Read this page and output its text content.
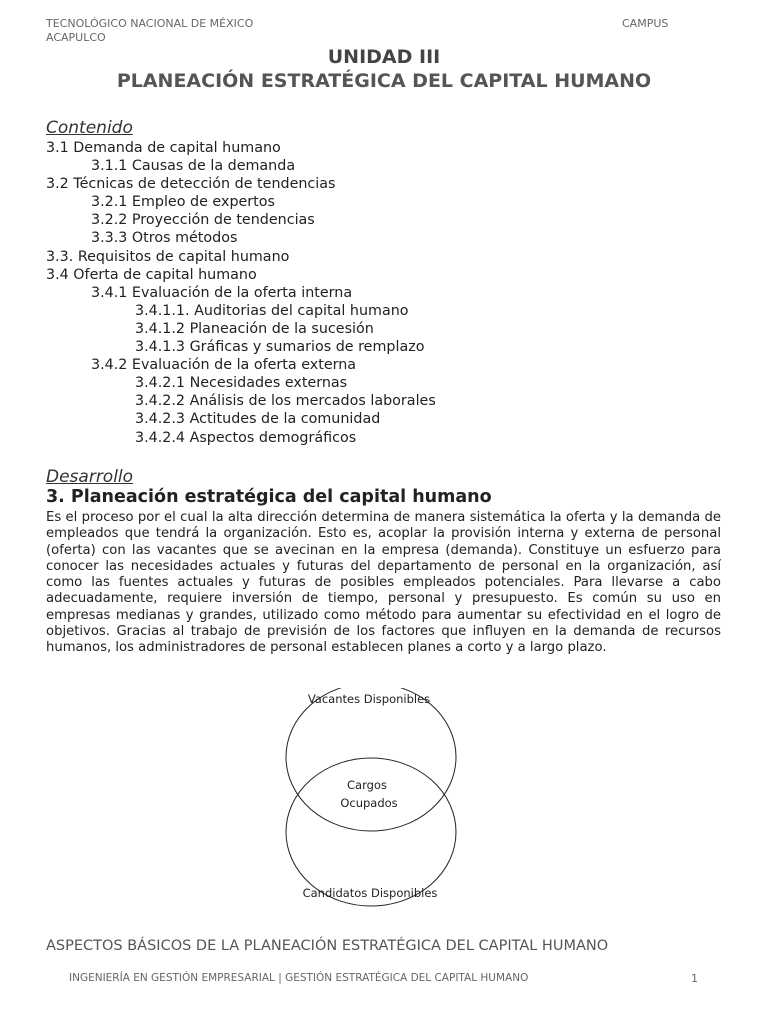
TECNOLÓGICO NACIONAL DE MÉXICO
ACAPULCO
CAMPUS
UNIDAD III
PLANEACIÓN ESTRATÉGICA DEL CAPITAL HUMANO
Contenido
3.1 Demanda de capital humano
3.1.1 Causas de la demanda
3.2 Técnicas de detección de tendencias
3.2.1 Empleo de expertos
3.2.2 Proyección de tendencias
3.3.3 Otros métodos
3.3. Requisitos de capital humano
3.4 Oferta de capital humano
3.4.1 Evaluación de la oferta interna
3.4.1.1. Auditorias del capital humano
3.4.1.2 Planeación de la sucesión
3.4.1.3 Gráficas y sumarios de remplazo
3.4.2 Evaluación de la oferta externa
3.4.2.1 Necesidades externas
3.4.2.2 Análisis de los mercados laborales
3.4.2.3 Actitudes de la comunidad
3.4.2.4 Aspectos demográficos
Desarrollo
3. Planeación estratégica del capital humano

Es el proceso por el cual la alta dirección determina de manera sistemática la oferta y la demanda de empleados que tendrá la organización. Esto es, acoplar la provisión interna y externa de personal (oferta) con las vacantes que se avecinan en la empresa (demanda). Constituye un esfuerzo para conocer las necesidades actuales y futuras del departamento de personal en la organización, así como las fuentes actuales y futuras de posibles empleados potenciales. Para llevarse a cabo adecuadamente, requiere inversión de tiempo, personal y presupuesto. Es común su uso en empresas medianas y grandes, utilizado como método para aumentar su efectividad en el logro de objetivos. Gracias al trabajo de previsión de los factores que influyen en la demanda de recursos humanos, los administradores de personal establecen planes a corto y a largo plazo.

Vacantes Disponibles
Cargos
Ocupados
Candidatos Disponibles
ASPECTOS BÁSICOS DE LA PLANEACIÓN ESTRATÉGICA DEL CAPITAL HUMANO
INGENIERÍA EN GESTIÓN EMPRESARIAL | GESTIÓN ESTRATÉGICA DEL CAPITAL HUMANO	1
